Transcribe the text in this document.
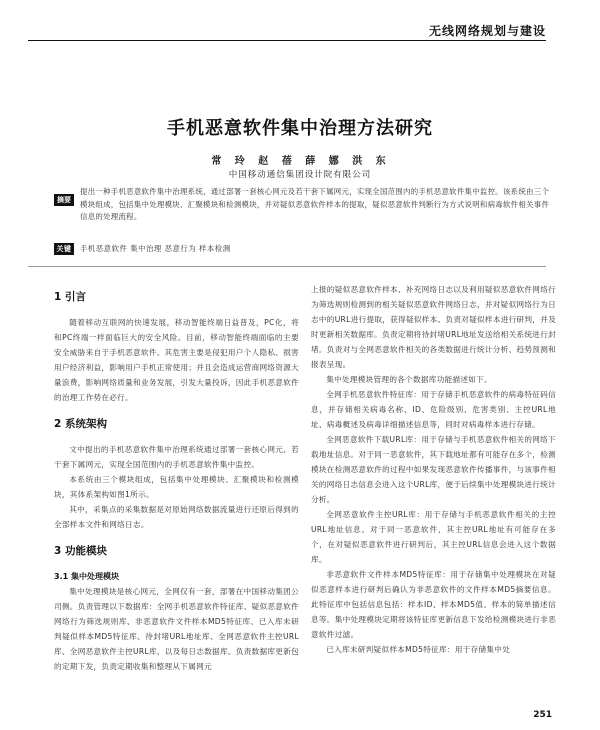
无线网络规划与建设
手机恶意软件集中治理方法研究
常 玲 赵 蓓 薛 娜 洪 东
中国移动通信集团设计院有限公司
摘要

提出一种手机恶意软件集中治理系统，通过部署一套核心网元及若干套下属网元，实现全国范围内的手机恶意软件集中监控。该系统由三个模块组成，包括集中处理模块、汇聚模块和检测模块，并对疑似恶意软件样本的提取，疑似恶意软件判断行为方式说明和病毒软件相关事件信息的处理流程。

关键词
手机恶意软件 集中治理 恶意行为 样本检测
1 引言

随着移动互联网的快速发展，移动智能终端日益普及，PC化，将和PC终端一样面临巨大的安全风险。目前，移动智能终端面临的主要安全威胁来自于手机恶意软件。其危害主要是侵犯用户个人隐私、损害用户经济利益，影响用户手机正常使用；并且会造成运营商网络资源大量浪费，影响网络质量和业务发展，引发大量投诉，因此手机恶意软件的治理工作势在必行。

2 系统架构

文中提出的手机恶意软件集中治理系统通过部署一套核心网元、若干套下属网元，实现全国范围内的手机恶意软件集中监控。

本系统由三个模块组成，包括集中处理模块、汇聚模块和检测模块，其体系架构如图1所示。

其中，采集点的采集数据是对原始网络数据流量进行还原后得到的全部样本文件和网络日志。

3 功能模块
3.1 集中处理模块

集中处理模块是核心网元，全网仅有一套，部署在中国移动集团公司侧。负责管理以下数据库：全网手机恶意软件特征库、疑似恶意软件网络行为筛选规则库、非恶意软件文件样本MD5特征库、已入库未研判疑似样本MD5特征库、待封堵URL地址库、全网恶意软件主控URL库、全网恶意软件主控URL库、以及每日志数据库。负责数据库更新包的定期下发，负责定期收集和整理从下属网元

上报的疑似恶意软件样本、补充网络日志以及利用疑似恶意软件网络行为筛选规则检测到的相关疑似恶意软件网络日志，并对疑似网络行为日志中的URL进行提取，获得疑似样本。负责对疑似样本进行研判，并及时更新相关数据库。负责定期将待封堵URL地址发送给相关系统进行封堵。负责对与全网恶意软件相关的各类数据进行统计分析、趋势预测和报表呈现。

集中处理模块管理的各个数据库功能描述如下。

全网手机恶意软件特征库：用于存储手机恶意软件的病毒特征码信息，并存储相关病毒名称、ID、危险级别、危害类别、主控URL地址、病毒概述及病毒详细描述信息等，同时对病毒样本进行存储。

全网恶意软件下载URL库：用于存储与手机恶意软件相关的网络下载地址信息。对于同一恶意软件，其下载地址都有可能存在多个，检测模块在检测恶意软件的过程中如果发现恶意软件传播事件，与该事件相关的网络日志信息会进入这个URL库，便于后续集中处理模块进行统计分析。

全网恶意软件主控URL库：用于存储与手机恶意软件相关的主控URL地址信息。对于同一恶意软件，其主控URL地址有可能存在多个，在对疑似恶意软件进行研判后，其主控URL信息会进入这个数据库。

非恶意软件文件样本MD5特征库：用于存储集中处理模块在对疑似恶意样本进行研判后确认为非恶意软件的文件样本MD5摘要信息。此特征库中包括信息包括：样本ID、样本MD5值、样本的简单描述信息等。集中处理模块定期将该特征库更新信息下发给检测模块进行非恶意软件过滤。

已入库未研判疑似样本MD5特征库：用于存储集中处

251
